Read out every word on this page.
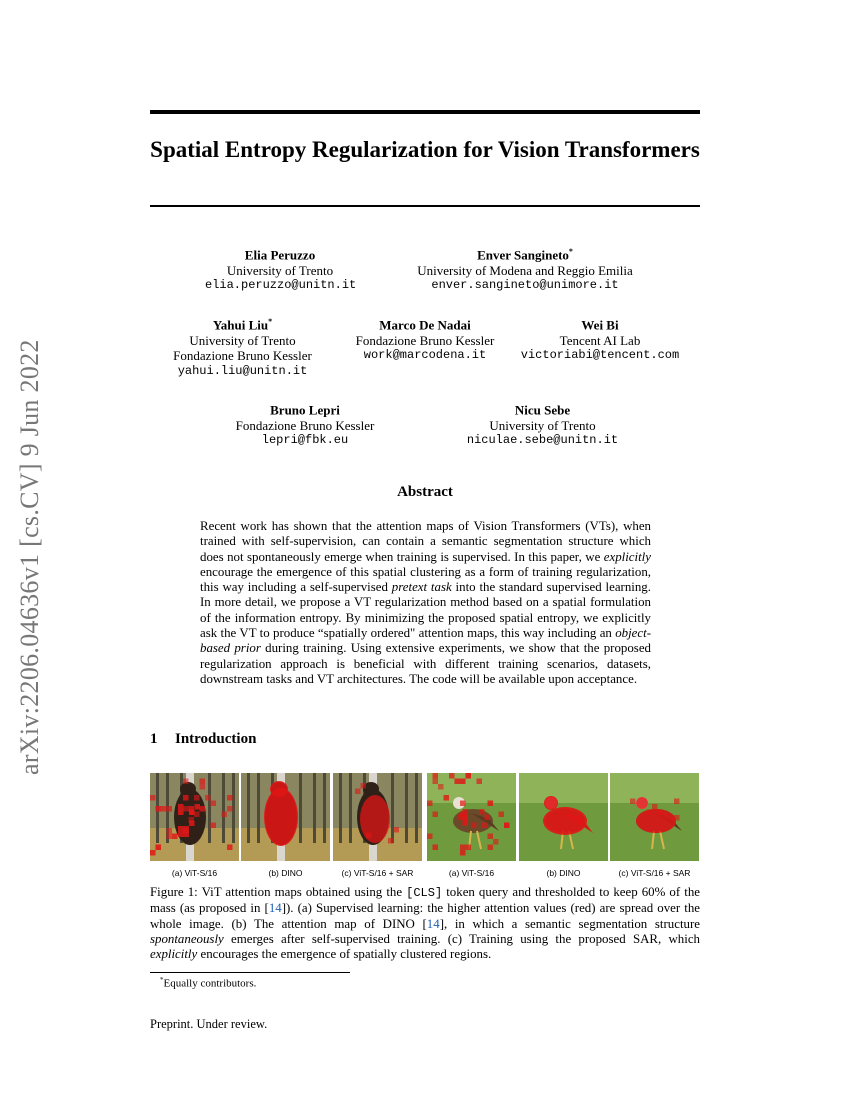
arXiv:2206.04636v1 [cs.CV] 9 Jun 2022
Spatial Entropy Regularization for Vision Transformers
Elia Peruzzo
University of Trento
elia.peruzzo@unitn.it
Enver Sangineto*
University of Modena and Reggio Emilia
enver.sangineto@unimore.it
Yahui Liu*
University of Trento
Fondazione Bruno Kessler
yahui.liu@unitn.it
Marco De Nadai
Fondazione Bruno Kessler
work@marcodena.it
Wei Bi
Tencent AI Lab
victoriabi@tencent.com
Bruno Lepri
Fondazione Bruno Kessler
lepri@fbk.eu
Nicu Sebe
University of Trento
niculae.sebe@unitn.it
Abstract
Recent work has shown that the attention maps of Vision Transformers (VTs), when trained with self-supervision, can contain a semantic segmentation structure which does not spontaneously emerge when training is supervised. In this paper, we explicitly encourage the emergence of this spatial clustering as a form of training regularization, this way including a self-supervised pretext task into the standard supervised learning. In more detail, we propose a VT regularization method based on a spatial formulation of the information entropy. By minimizing the proposed spatial entropy, we explicitly ask the VT to produce “spatially ordered" attention maps, this way including an object-based prior during training. Using extensive experiments, we show that the proposed regularization approach is beneficial with different training scenarios, datasets, downstream tasks and VT architectures. The code will be available upon acceptance.
1 Introduction
(a) ViT-S/16	(b) DINO	(c) ViT-S/16 + SAR	(a) ViT-S/16	(b) DINO	(c) ViT-S/16 + SAR
Figure 1: ViT attention maps obtained using the [CLS] token query and thresholded to keep 60% of the mass (as proposed in [14]). (a) Supervised learning: the higher attention values (red) are spread over the whole image. (b) The attention map of DINO [14], in which a semantic segmentation structure spontaneously emerges after self-supervised training. (c) Training using the proposed SAR, which explicitly encourages the emergence of spatially clustered regions.
*Equally contributors.
Preprint. Under review.
